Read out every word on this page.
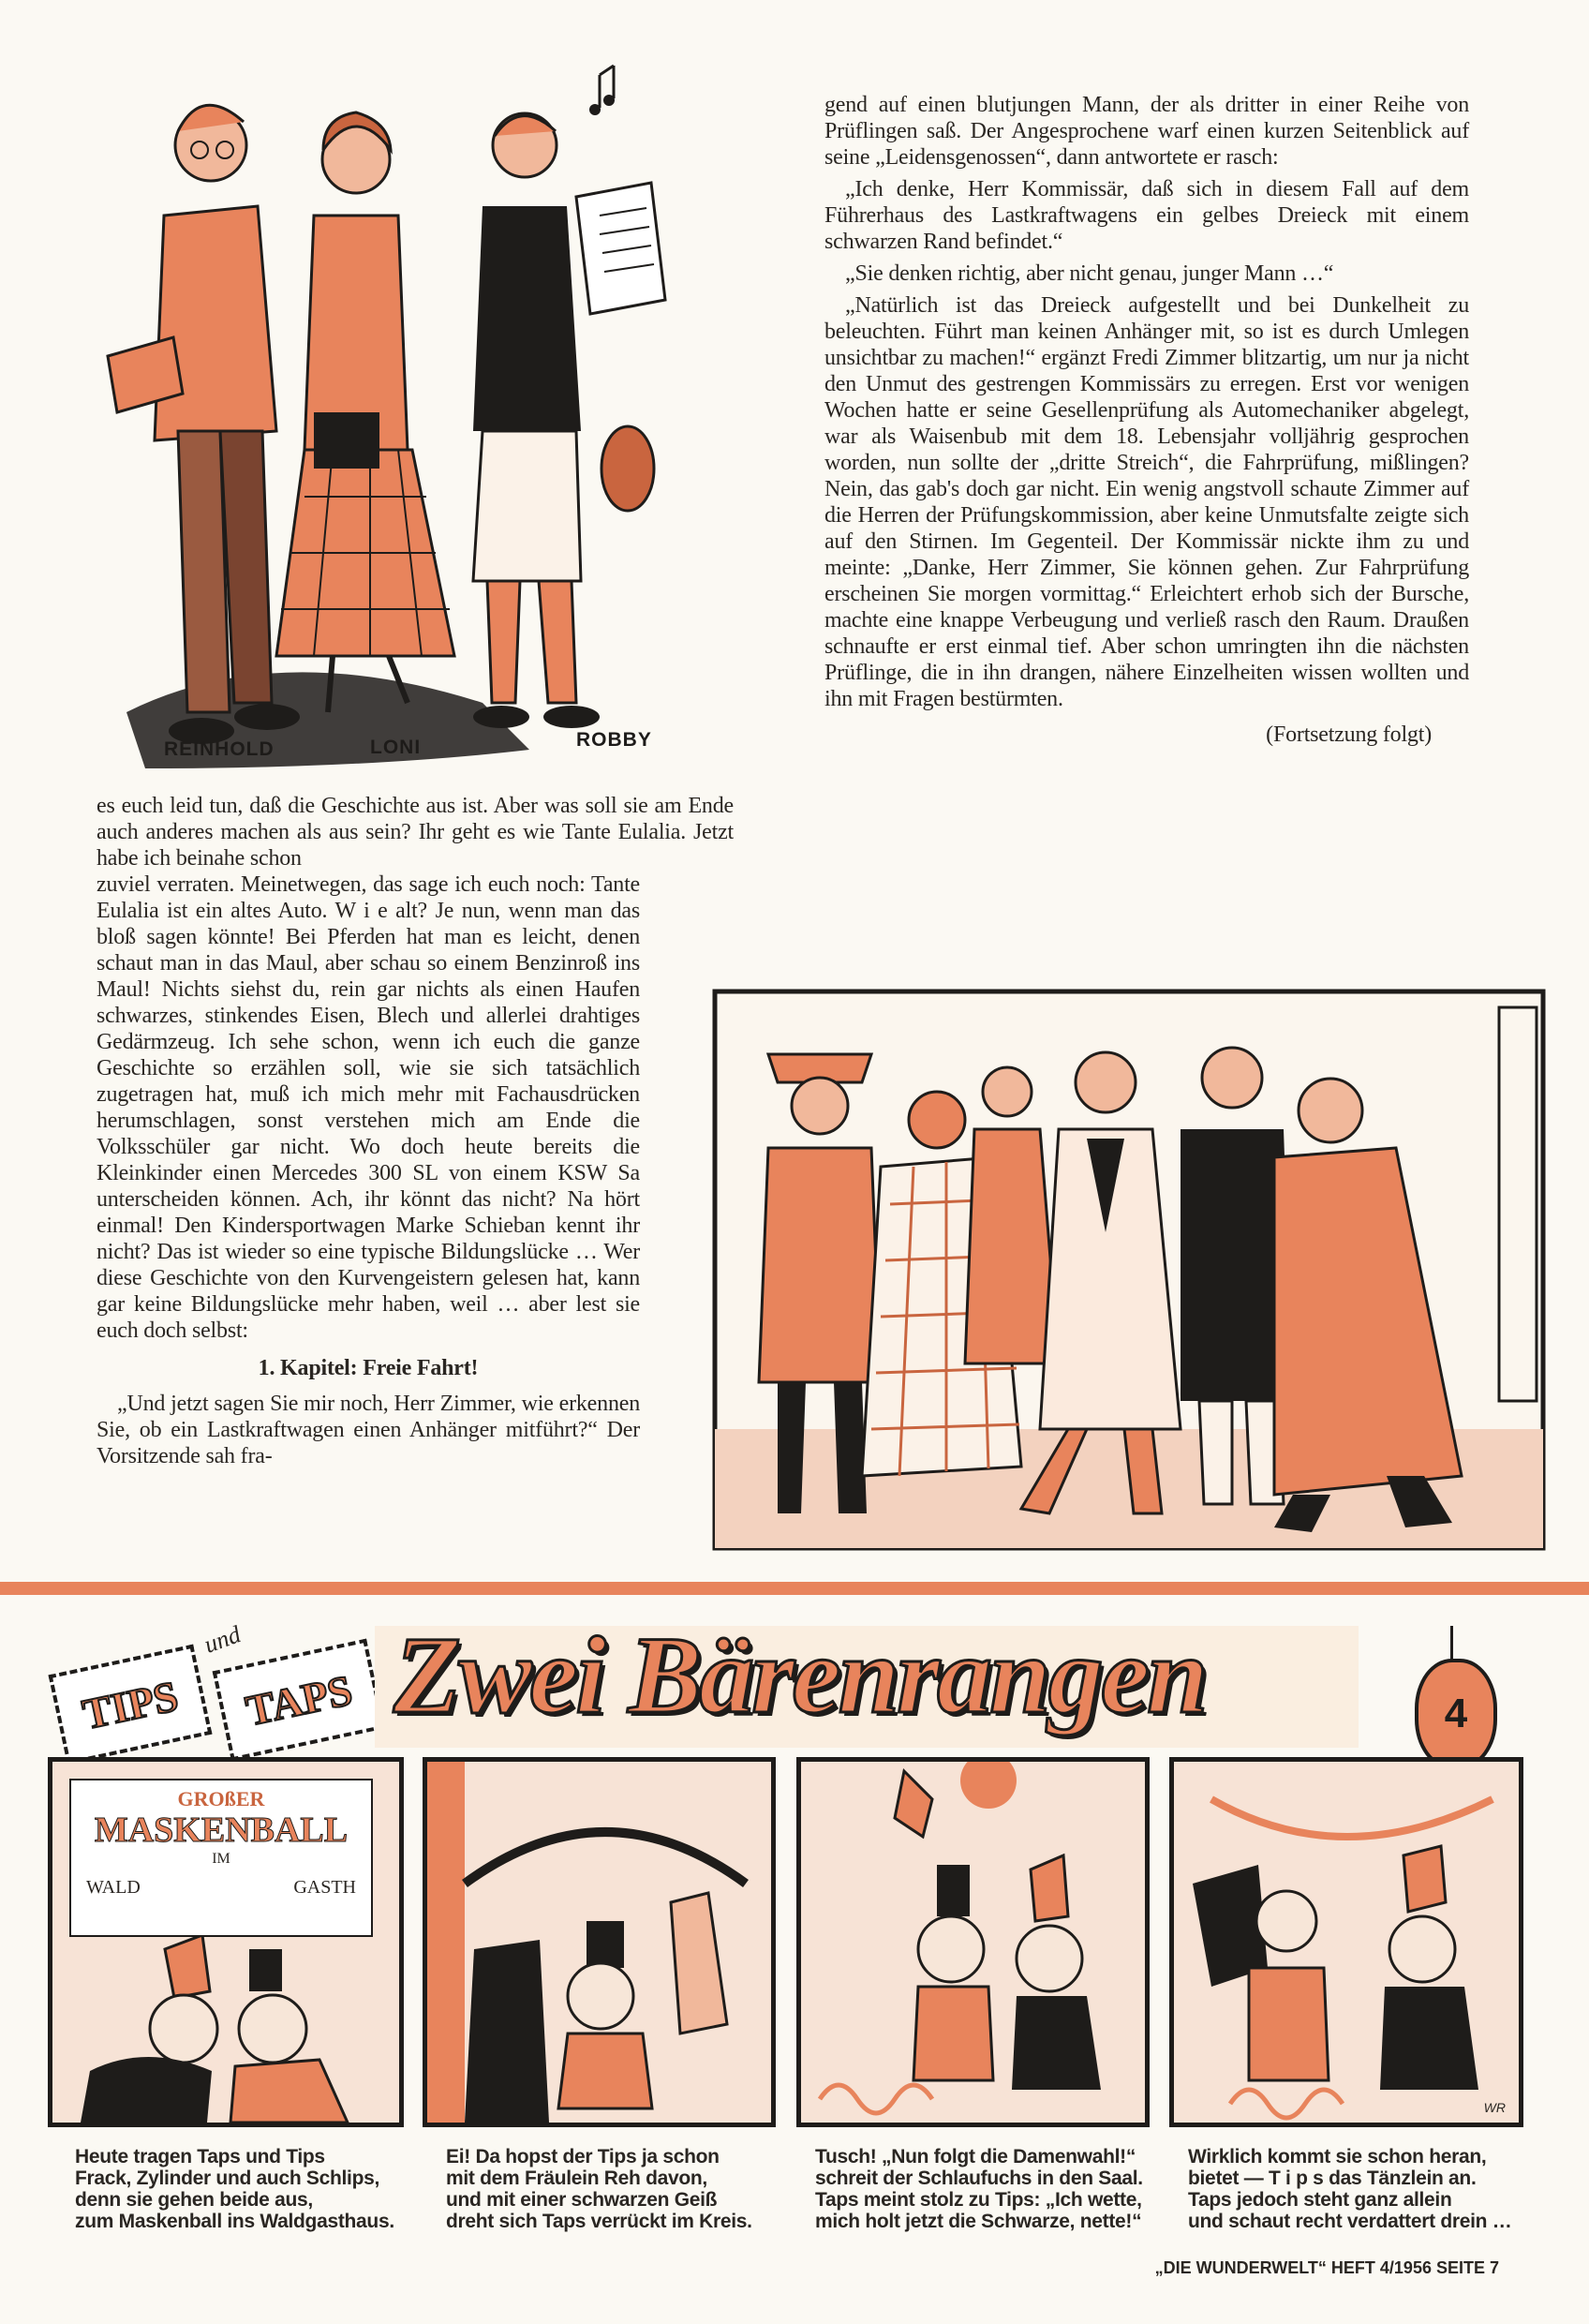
REINHOLD	LONI	ROBBY

gend auf einen blutjungen Mann, der als dritter in einer Reihe von Prüflingen saß. Der Angesprochene warf einen kurzen Seitenblick auf seine „Leidensgenossen“, dann antwortete er rasch:

„Ich denke, Herr Kommissär, daß sich in diesem Fall auf dem Führerhaus des Lastkraftwagens ein gelbes Dreieck mit einem schwarzen Rand befindet.“

„Sie denken richtig, aber nicht genau, junger Mann …“

„Natürlich ist das Dreieck aufgestellt und bei Dunkelheit zu beleuchten. Führt man keinen Anhänger mit, so ist es durch Umlegen unsichtbar zu machen!“ ergänzt Fredi Zimmer blitzartig, um nur ja nicht den Unmut des gestrengen Kommissärs zu erregen. Erst vor wenigen Wochen hatte er seine Gesellenprüfung als Automechaniker abgelegt, war als Waisenbub mit dem 18. Lebensjahr volljährig gesprochen worden, nun sollte der „dritte Streich“, die Fahrprüfung, mißlingen? Nein, das gab's doch gar nicht. Ein wenig angstvoll schaute Zimmer auf die Herren der Prüfungskommission, aber keine Unmutsfalte zeigte sich auf den Stirnen. Im Gegenteil. Der Kommissär nickte ihm zu und meinte: „Danke, Herr Zimmer, Sie können gehen. Zur Fahrprüfung erscheinen Sie morgen vormittag.“ Erleichtert erhob sich der Bursche, machte eine knappe Verbeugung und verließ rasch den Raum. Draußen schnaufte er erst einmal tief. Aber schon umringten ihn die nächsten Prüflinge, die in ihn drangen, nähere Einzelheiten wissen wollten und ihn mit Fragen bestürmten.

(Fortsetzung folgt)

es euch leid tun, daß die Geschichte aus ist. Aber was soll sie am Ende auch anderes machen als aus sein? Ihr geht es wie Tante Eulalia. Jetzt habe ich beinahe schon

zuviel verraten. Meinetwegen, das sage ich euch noch: Tante Eulalia ist ein altes Auto. W i e alt? Je nun, wenn man das bloß sagen könnte! Bei Pferden hat man es leicht, denen schaut man in das Maul, aber schau so einem Benzinroß ins Maul! Nichts siehst du, rein gar nichts als einen Haufen schwarzes, stinkendes Eisen, Blech und allerlei drahtiges Gedärmzeug. Ich sehe schon, wenn ich euch die ganze Geschichte so erzählen soll, wie sie sich tatsächlich zugetragen hat, muß ich mich mehr mit Fachausdrücken herumschlagen, sonst verstehen mich am Ende die Volksschüler gar nicht. Wo doch heute bereits die Kleinkinder einen Mercedes 300 SL von einem KSW Sa unterscheiden können. Ach, ihr könnt das nicht? Na hört einmal! Den Kindersportwagen Marke Schieban kennt ihr nicht? Das ist wieder so eine typische Bildungslücke … Wer diese Geschichte von den Kurvengeistern gelesen hat, kann gar keine Bildungslücke mehr haben, weil … aber lest sie euch doch selbst:

1. Kapitel: Freie Fahrt!

„Und jetzt sagen Sie mir noch, Herr Zimmer, wie erkennen Sie, ob ein Lastkraftwagen einen Anhänger mitführt?“ Der Vorsitzende sah fra-

TIPS
und
TAPS Zwei Bärenrangen	4
GROßER
MASKENBALL
IM
WALD	GASTH
WR
Heute tragen Taps und Tips
Frack, Zylinder und auch Schlips,
denn sie gehen beide aus,
zum Maskenball ins Waldgasthaus.
Ei! Da hopst der Tips ja schon
mit dem Fräulein Reh davon,
und mit einer schwarzen Geiß
dreht sich Taps verrückt im Kreis.
Tusch! „Nun folgt die Damenwahl!“
schreit der Schlaufuchs in den Saal.
Taps meint stolz zu Tips: „Ich wette,
mich holt jetzt die Schwarze, nette!“
Wirklich kommt sie schon heran,
bietet — T i p s das Tänzlein an.
Taps jedoch steht ganz allein
und schaut recht verdattert drein …
„DIE WUNDERWELT“ HEFT 4/1956 SEITE 7
